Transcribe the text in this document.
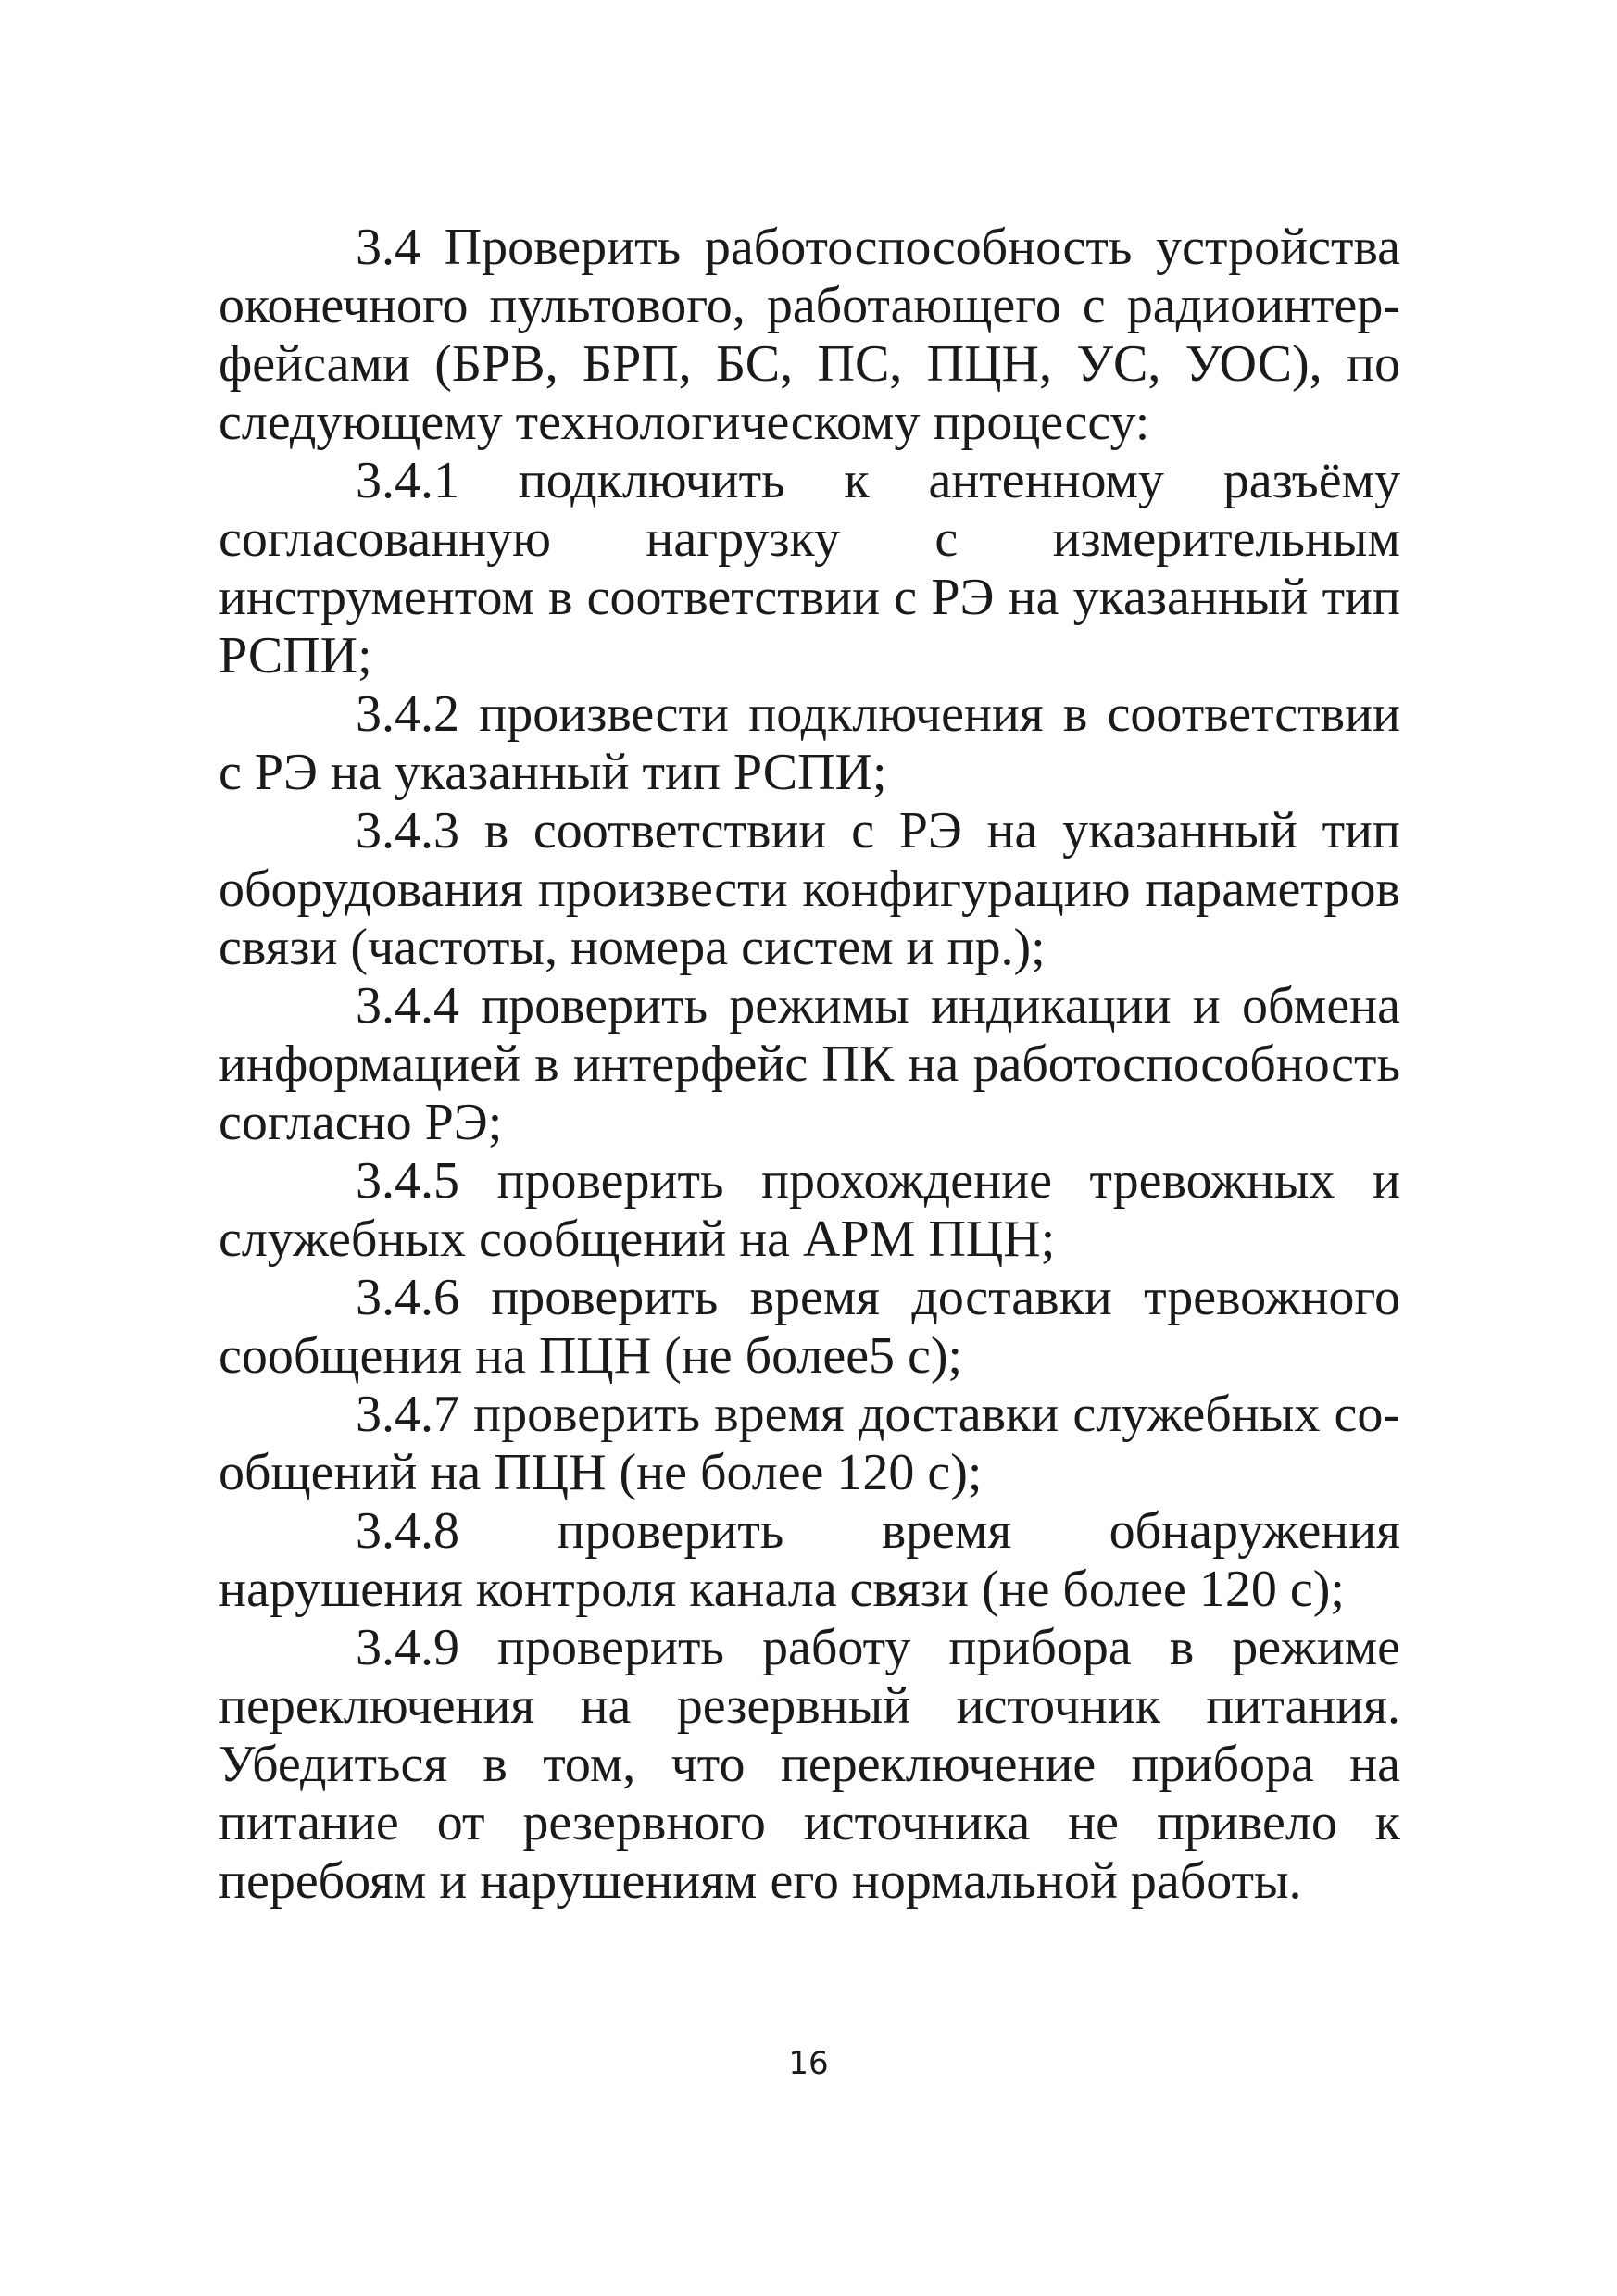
3.4 Проверить работоспособность устройства оконечного пультового, работающего с радиоинтерфейсами (БРВ, БРП, БС, ПС, ПЦН, УС, УОС), по следующему технологическому процессу:

3.4.1 подключить к антенному разъёму согласованную нагрузку с измерительным инструментом в соответствии с РЭ на указанный тип РСПИ;

3.4.2 произвести подключения в соответствии с РЭ на указанный тип РСПИ;

3.4.3 в соответствии с РЭ на указанный тип оборудования произвести конфигурацию параметров связи (частоты, номера систем и пр.);

3.4.4 проверить режимы индикации и обмена информацией в интерфейс ПК на работоспособность согласно РЭ;

3.4.5 проверить прохождение тревожных и служебных сообщений на АРМ ПЦН;

3.4.6 проверить время доставки тревожного сообщения на ПЦН (не более5 с);

3.4.7 проверить время доставки служебных сообщений на ПЦН (не более 120 с);

3.4.8 проверить время обнаружения нарушения контроля канала связи (не более 120 с);

3.4.9 проверить работу прибора в режиме переключения на резервный источник питания. Убедиться в том, что переключение прибора на питание от резервного источника не привело к перебоям и нарушениям его нормальной работы.

16
